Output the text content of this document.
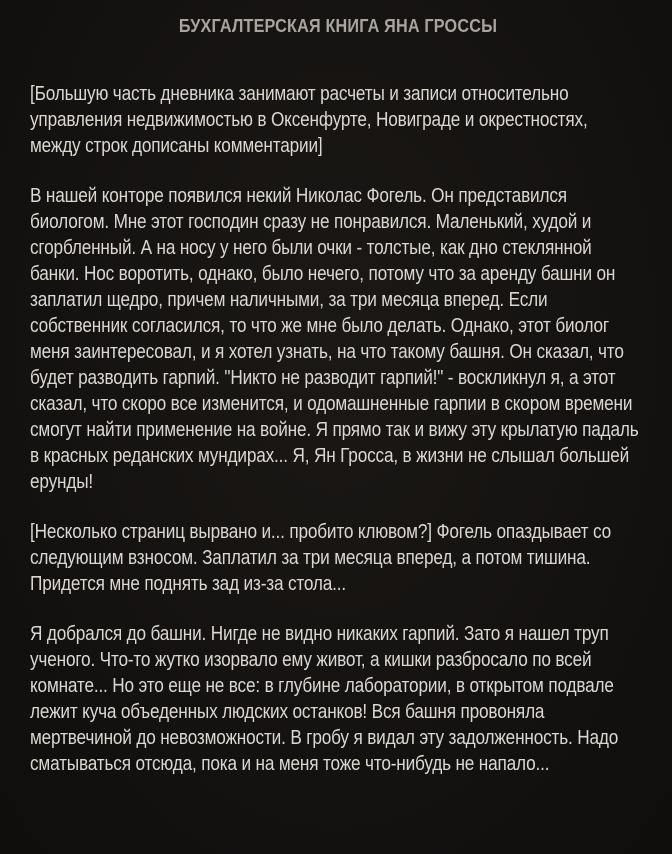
БУХГАЛТЕРСКАЯ КНИГА ЯНА ГРОССЫ

[Большую часть дневника занимают расчеты и записи относительно управления недвижимостью в Оксенфурте, Новиграде и окрестностях, между строк дописаны комментарии]

В нашей конторе появился некий Николас Фогель. Он представился биологом. Мне этот господин сразу не понравился. Маленький, худой и сгорбленный. А на носу у него были очки - толстые, как дно стеклянной банки. Нос воротить, однако, было нечего, потому что за аренду башни он заплатил щедро, причем наличными, за три месяца вперед. Если собственник согласился, то что же мне было делать. Однако, этот биолог меня заинтересовал, и я хотел узнать, на что такому башня. Он сказал, что будет разводить гарпий. "Никто не разводит гарпий!" - воскликнул я, а этот сказал, что скоро все изменится, и одомашненные гарпии в скором времени смогут найти применение на войне. Я прямо так и вижу эту крылатую падаль в красных реданских мундирах... Я, Ян Гросса, в жизни не слышал большей ерунды!

[Несколько страниц вырвано и... пробито клювом?] Фогель опаздывает со следующим взносом. Заплатил за три месяца вперед, а потом тишина. Придется мне поднять зад из-за стола...

Я добрался до башни. Нигде не видно никаких гарпий. Зато я нашел труп ученого. Что-то жутко изорвало ему живот, а кишки разбросало по всей комнате... Но это еще не все: в глубине лаборатории, в открытом подвале лежит куча объеденных людских останков! Вся башня провоняла мертвечиной до невозможности. В гробу я видал эту задолженность. Надо сматываться отсюда, пока и на меня тоже что-нибудь не напало...
